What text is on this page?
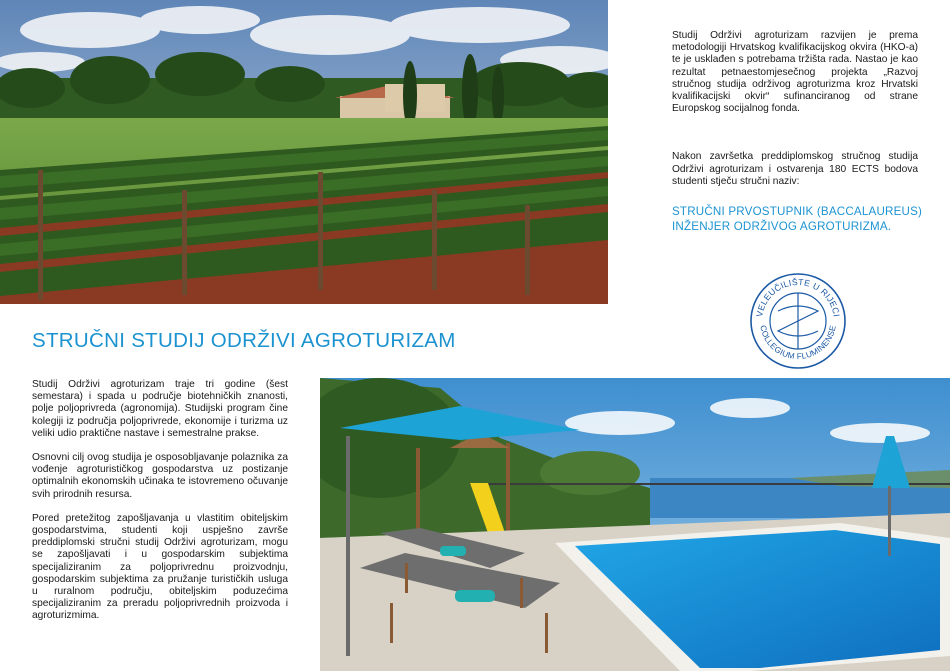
Studij Održivi agroturizam razvijen je prema metodologiji Hrvatskog kvalifikacijskog okvira (HKO-a) te je usklađen s potrebama tržišta rada. Nastao je kao rezultat petnaestomjesečnog projekta „Razvoj stručnog studija održivog agroturizma kroz Hrvatski kvalifikacijski okvir“ sufinanciranog od strane Europskog socijalnog fonda.

Nakon završetka preddiplomskog stručnog studija Održivi agroturizam i ostvarenja 180 ECTS bodova studenti stječu stručni naziv:

STRUČNI PRVOSTUPNIK (BACCALAUREUS)
INŽENJER ODRŽIVOG AGROTURIZMA.
VELEUČILIŠTE U RIJECI
COLLEGIUM FLUMINENSE
STRUČNI STUDIJ ODRŽIVI AGROTURIZAM

Studij Održivi agroturizam traje tri godine (šest semestara) i spada u područje biotehničkih znanosti, polje poljoprivreda (agronomija). Studijski program čine kolegiji iz područja poljoprivrede, ekonomije i turizma uz veliki udio praktične nastave i semestralne prakse.

Osnovni cilj ovog studija je osposobljavanje polaznika za vođenje agroturističkog gospodarstva uz postizanje optimalnih ekonomskih učinaka te istovremeno očuvanje svih prirodnih resursa.

Pored pretežitog zapošljavanja u vlastitim obiteljskim gospodarstvima, studenti koji uspješno završe preddiplomski stručni studij Održivi agroturizam, mogu se zapošljavati i u gospodarskim subjektima specijaliziranim za poljoprivrednu proizvodnju, gospodarskim subjektima za pružanje turističkih usluga u ruralnom području, obiteljskim poduzećima specijaliziranim za preradu poljoprivrednih proizvoda i agroturizmima.
